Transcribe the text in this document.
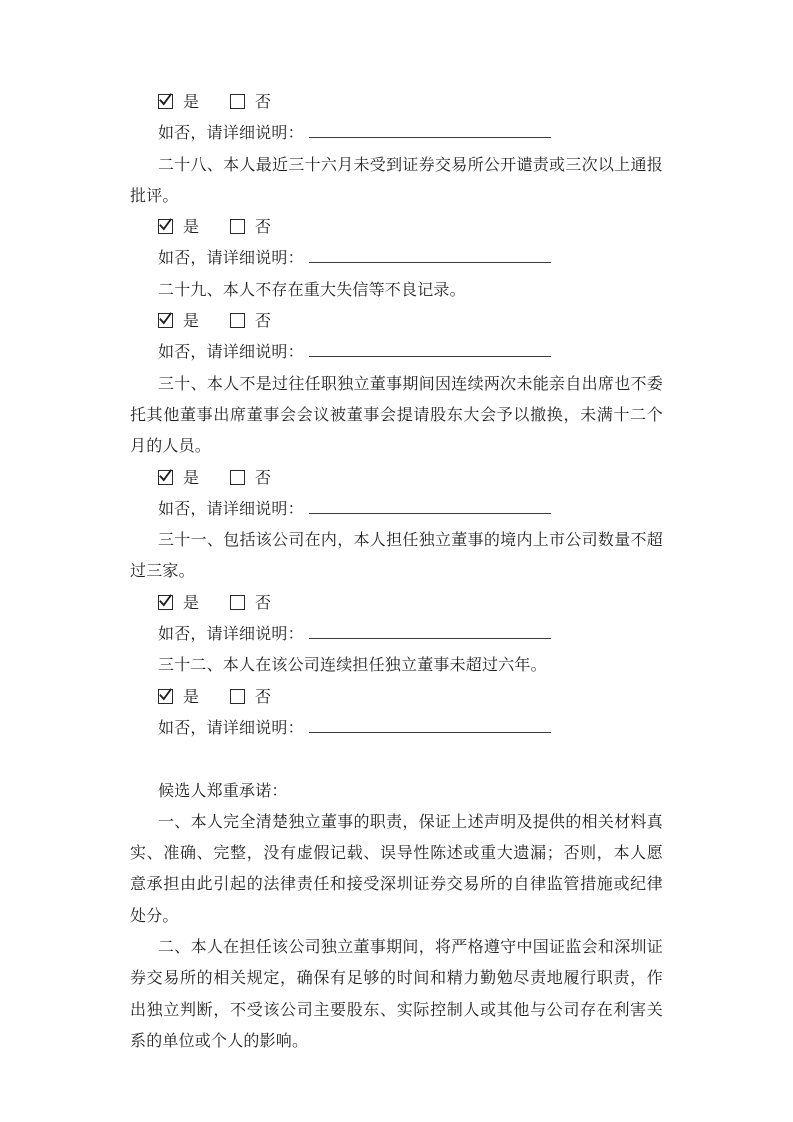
是	否
如否，请详细说明：

二十八、本人最近三十六月未受到证券交易所公开谴责或三次以上通报批评。

是	否
如否，请详细说明：

二十九、本人不存在重大失信等不良记录。

是	否
如否，请详细说明：

三十、本人不是过往任职独立董事期间因连续两次未能亲自出席也不委托其他董事出席董事会会议被董事会提请股东大会予以撤换，未满十二个月的人员。

是	否
如否，请详细说明：

三十一、包括该公司在内，本人担任独立董事的境内上市公司数量不超过三家。

是	否
如否，请详细说明：

三十二、本人在该公司连续担任独立董事未超过六年。

是	否
如否，请详细说明：

候选人郑重承诺：

一、本人完全清楚独立董事的职责，保证上述声明及提供的相关材料真实、准确、完整，没有虚假记载、误导性陈述或重大遗漏；否则，本人愿意承担由此引起的法律责任和接受深圳证券交易所的自律监管措施或纪律处分。

二、本人在担任该公司独立董事期间，将严格遵守中国证监会和深圳证券交易所的相关规定，确保有足够的时间和精力勤勉尽责地履行职责，作出独立判断，不受该公司主要股东、实际控制人或其他与公司存在利害关系的单位或个人的影响。
